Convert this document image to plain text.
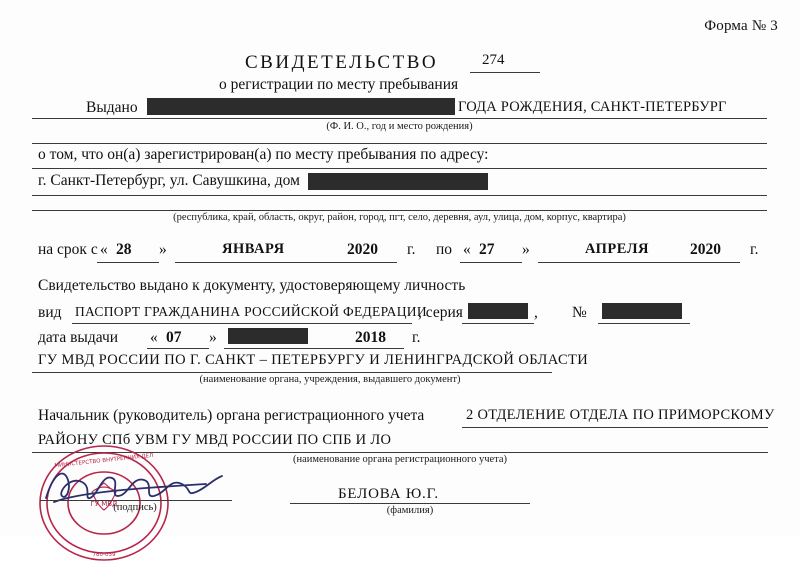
Форма № 3
СВИДЕТЕЛЬСТВО	274
о регистрации по месту пребывания
Выдано	ГОДА РОЖДЕНИЯ, САНКТ-ПЕТЕРБУРГ
(Ф. И. О., год и место рождения)
о том, что он(а) зарегистрирован(а) по месту пребывания по адресу:
г. Санкт-Петербург, ул. Савушкина, дом
(республика, край, область, округ, район, город, пгт, село, деревня, аул, улица, дом, корпус, квартира)
на срок с « 28 »	ЯНВАРЯ	2020 г. по « 27 »	АПРЕЛЯ	2020 г.
Свидетельство выдано к документу, удостоверяющему личность
вид ПАСПОРТ ГРАЖДАНИНА РОССИЙСКОЙ ФЕДЕРАЦИИ
, серия	, №
дата выдачи « 07 »	2018 г.
ГУ МВД РОССИИ ПО Г. САНКТ – ПЕТЕРБУРГУ И ЛЕНИНГРАДСКОЙ ОБЛАСТИ
(наименование органа, учреждения, выдавшего документ)
Начальник (руководитель) органа регистрационного учета	2 ОТДЕЛЕНИЕ ОТДЕЛА ПО ПРИМОРСКОМУ
РАЙОНУ СПб УВМ ГУ МВД РОССИИ ПО СПБ И ЛО
(наименование органа регистрационного учета)
МИНИСТЕРСТВО ВНУТРЕННИХ ДЕЛ
780-039
ГУ МВД
(подпись)
БЕЛОВА Ю.Г.
(фамилия)
